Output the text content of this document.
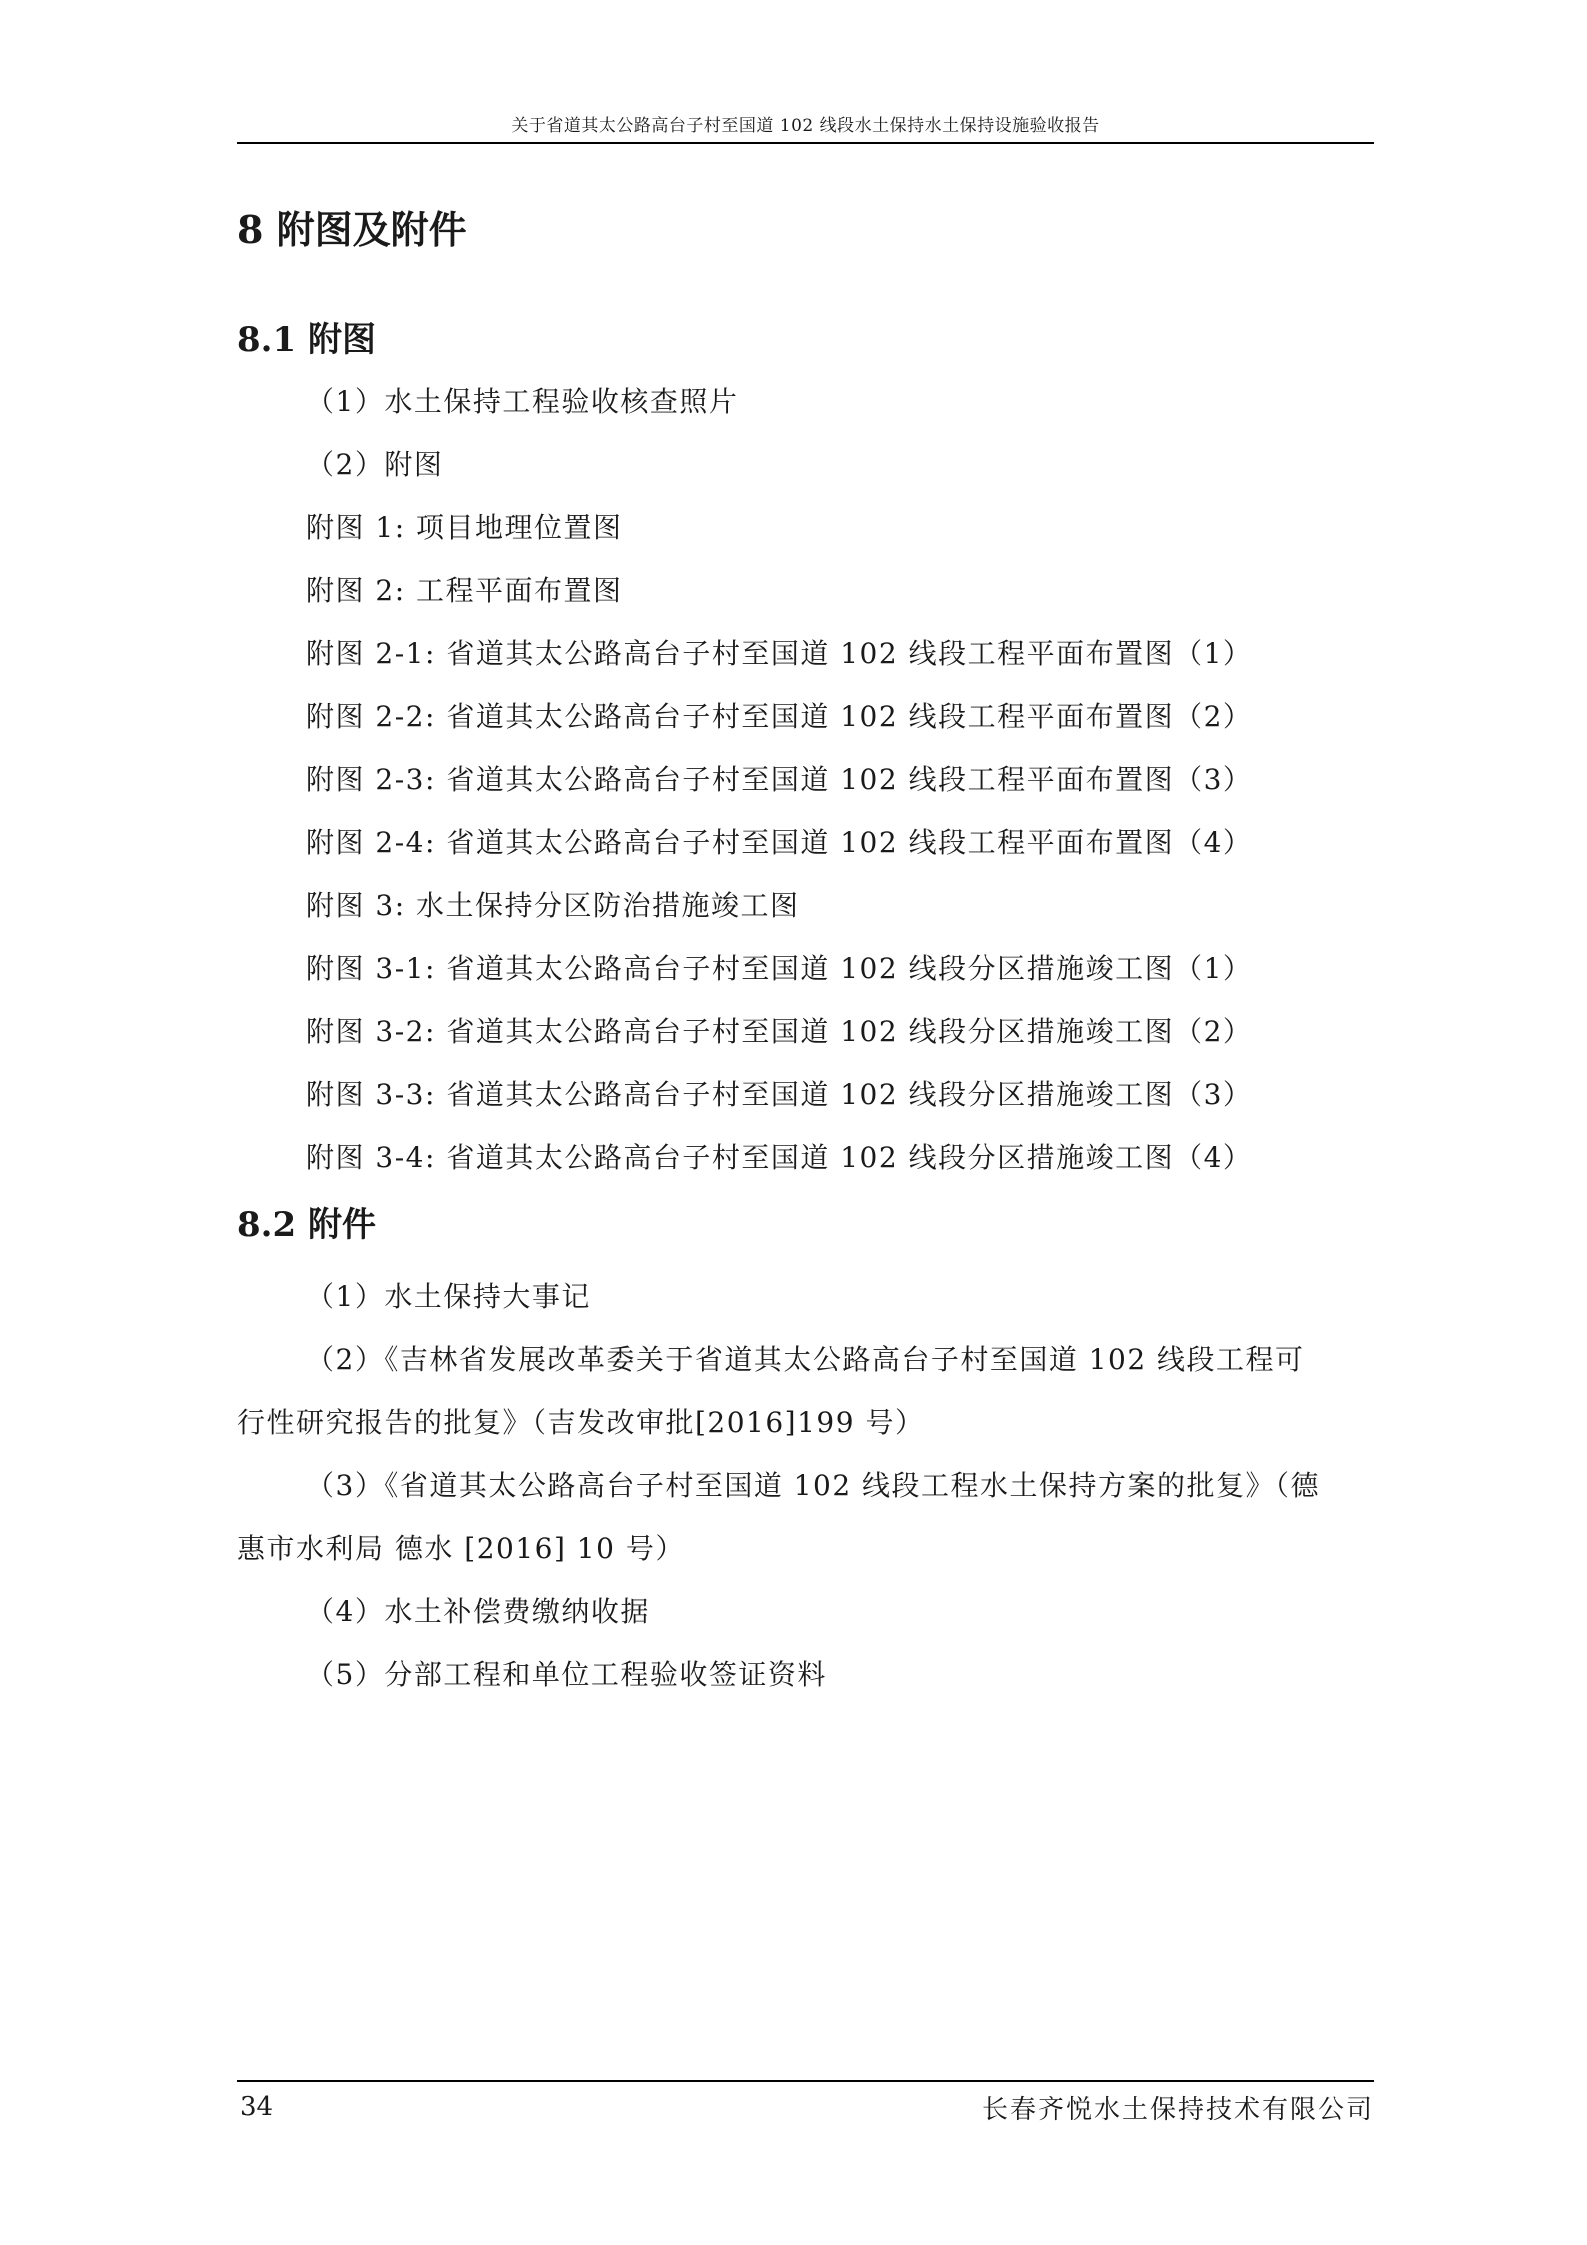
关于省道其太公路高台子村至国道 102 线段水土保持水土保持设施验收报告
8 附图及附件
8.1 附图
（1）水土保持工程验收核查照片
（2）附图
附图 1: 项目地理位置图
附图 2: 工程平面布置图
附图 2-1: 省道其太公路高台子村至国道 102 线段工程平面布置图（1）
附图 2-2: 省道其太公路高台子村至国道 102 线段工程平面布置图（2）
附图 2-3: 省道其太公路高台子村至国道 102 线段工程平面布置图（3）
附图 2-4: 省道其太公路高台子村至国道 102 线段工程平面布置图（4）
附图 3: 水土保持分区防治措施竣工图
附图 3-1: 省道其太公路高台子村至国道 102 线段分区措施竣工图（1）
附图 3-2: 省道其太公路高台子村至国道 102 线段分区措施竣工图（2）
附图 3-3: 省道其太公路高台子村至国道 102 线段分区措施竣工图（3）
附图 3-4: 省道其太公路高台子村至国道 102 线段分区措施竣工图（4）
8.2 附件
（1）水土保持大事记
（2）《吉林省发展改革委关于省道其太公路高台子村至国道 102 线段工程可
行性研究报告的批复》（吉发改审批[2016]199 号）
（3）《省道其太公路高台子村至国道 102 线段工程水土保持方案的批复》（德
惠市水利局 德水 [2016] 10 号）
（4）水土补偿费缴纳收据
（5）分部工程和单位工程验收签证资料
34	长春齐悦水土保持技术有限公司
